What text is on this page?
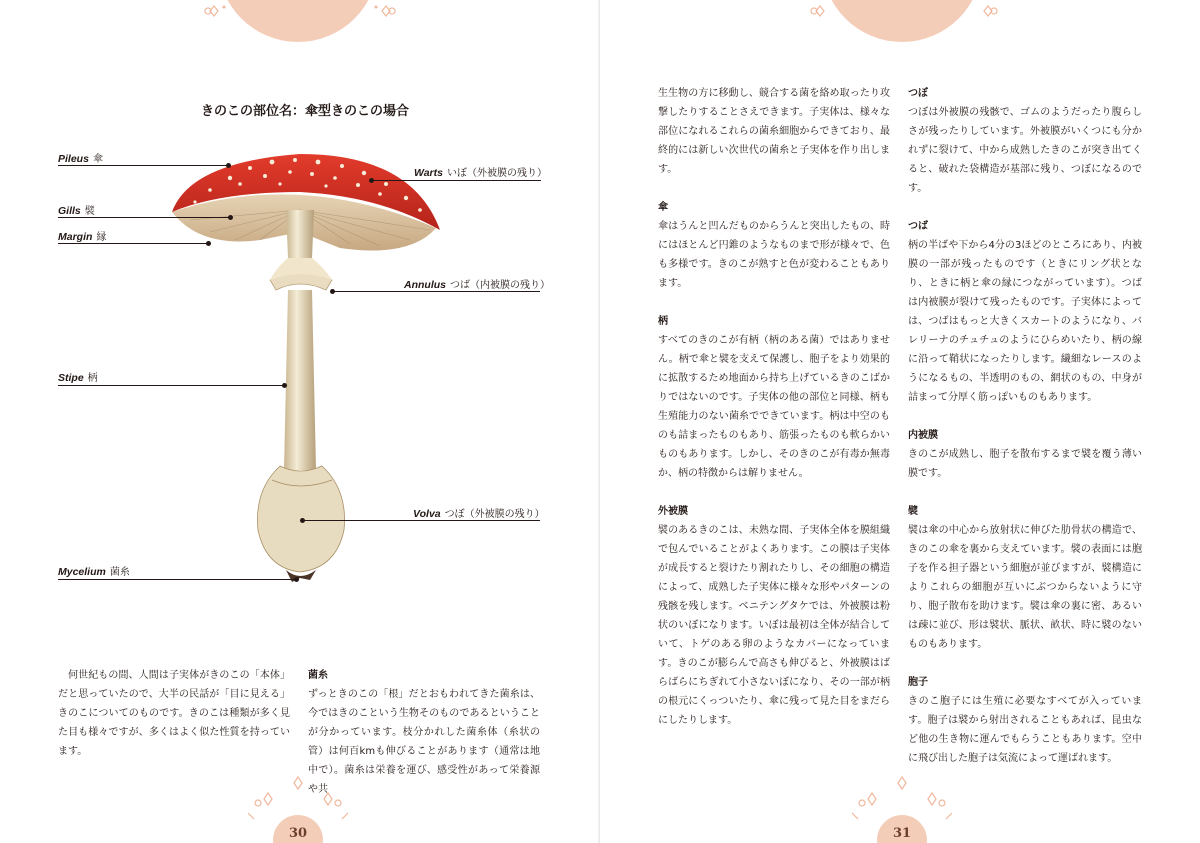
きのこの部位名：傘型きのこの場合
Pileus 傘
Gills 襞
Margin 縁
Stipe 柄
Mycelium 菌糸
Warts いぼ（外被膜の残り）
Annulus つば（内被膜の残り）
Volva つぼ（外被膜の残り）

何世紀もの間、人間は子実体がきのこの「本体」だと思っていたので、大半の民話が「目に見える」きのこについてのものです。きのこは種類が多く見た目も様々ですが、多くはよく似た性質を持っています。

菌糸

ずっときのこの「根」だとおもわれてきた菌糸は、今ではきのこという生物そのものであるということが分かっています。枝分かれした菌糸体（糸状の管）は何百kmも伸びることがあります（通常は地中で）。菌糸は栄養を運び、感受性があって栄養源や共

30

生生物の方に移動し、競合する菌を絡め取ったり攻撃したりすることさえできます。子実体は、様々な部位になれるこれらの菌糸細胞からできており、最終的には新しい次世代の菌糸と子実体を作り出します。

傘

傘はうんと凹んだものからうんと突出したもの、時にはほとんど円錐のようなものまで形が様々で、色も多様です。きのこが熟すと色が変わることもあります。

柄

すべてのきのこが有柄（柄のある菌）ではありません。柄で傘と襞を支えて保護し、胞子をより効果的に拡散するため地面から持ち上げているきのこばかりではないのです。子実体の他の部位と同様、柄も生殖能力のない菌糸でできています。柄は中空のものも詰まったものもあり、筋張ったものも軟らかいものもあります。しかし、そのきのこが有毒か無毒か、柄の特徴からは解りません。

外被膜

襞のあるきのこは、未熟な間、子実体全体を膜組織で包んでいることがよくあります。この膜は子実体が成長すると裂けたり割れたりし、その細胞の構造によって、成熟した子実体に様々な形やパターンの残骸を残します。ベニテングタケでは、外被膜は粉状のいぼになります。いぼは最初は全体が結合していて、トゲのある卵のようなカバーになっています。きのこが膨らんで高さも伸びると、外被膜はばらばらにちぎれて小さないぼになり、その一部が柄の根元にくっついたり、傘に残って見た目をまだらにしたりします。

つぼ

つぼは外被膜の残骸で、ゴムのようだったり腹らしさが残ったりしています。外被膜がいくつにも分かれずに裂けて、中から成熟したきのこが突き出てくると、破れた袋構造が基部に残り、つぼになるのです。

つば

柄の半ばや下から4分の3ほどのところにあり、内被膜の一部が残ったものです（ときにリング状となり、ときに柄と傘の縁につながっています）。つばは内被膜が裂けて残ったものです。子実体によっては、つばはもっと大きくスカートのようになり、バレリーナのチュチュのようにひらめいたり、柄の線に沿って鞘状になったりします。繊細なレースのようになるもの、半透明のもの、網状のもの、中身が詰まって分厚く筋っぽいものもあります。

内被膜

きのこが成熟し、胞子を散布するまで襞を覆う薄い膜です。

襞

襞は傘の中心から放射状に伸びた肋骨状の構造で、きのこの傘を裏から支えています。襞の表面には胞子を作る担子器という細胞が並びますが、襞構造によりこれらの細胞が互いにぶつからないように守り、胞子散布を助けます。襞は傘の裏に密、あるいは疎に並び、形は襞状、脈状、畝状、時に襞のないものもあります。

胞子

きのこ胞子には生殖に必要なすべてが入っています。胞子は襞から射出されることもあれば、昆虫など他の生き物に運んでもらうこともあります。空中に飛び出した胞子は気流によって運ばれます。

31
